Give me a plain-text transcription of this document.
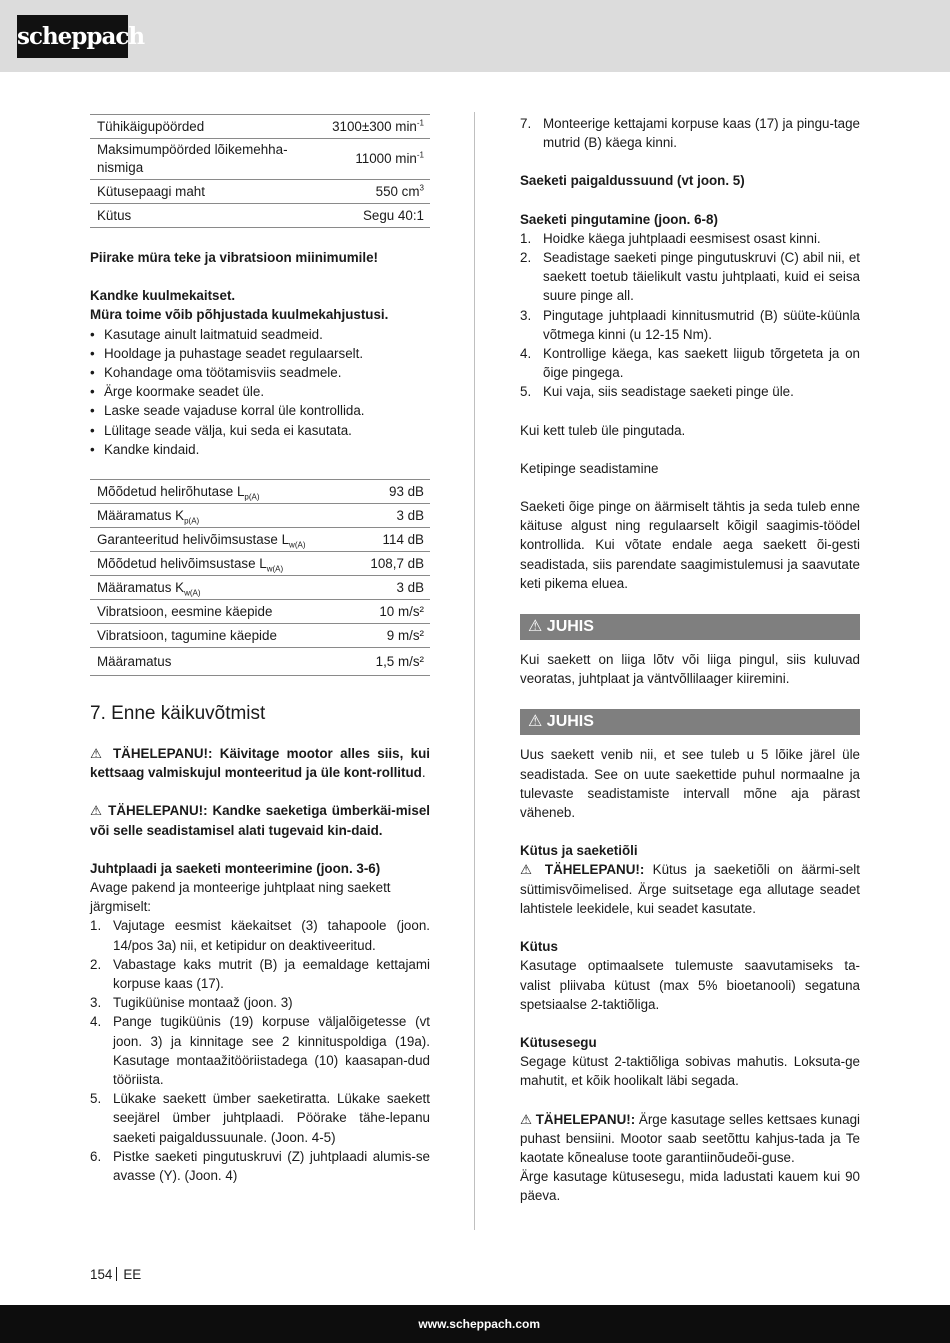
scheppach
Tühikäigupöörded	3100±300 $\min^{-1}$
Maksimumpöörded lõikemehha-nismiga	11000 $\min^{-1}$
Kütusepaagi maht	550 $cm^3$
Kütus	Segu 40:1

Piirake müra teke ja vibratsioon miinimumile!

Kandke kuulmekaitset.

Müra toime võib põhjustada kuulmekahjustusi.

• Kasutage ainult laitmatuid seadmeid.
• Hooldage ja puhastage seadet regulaarselt.
• Kohandage oma töötamisviis seadmele.
• Ärge koormake seadet üle.
• Laske seade vajaduse korral üle kontrollida.
• Lülitage seade välja, kui seda ei kasutata.
• Kandke kindaid.
Mõõdetud helirõhutase $L_{p(A)}$	93 dB
Määramatus $K_{p(A)}$	3 dB
Garanteeritud helivõimsustase $L_{w(A)}$	114 dB
Mõõdetud helivõimsustase $L_{w(A)}$	108,7 dB
Määramatus $K_{w(A)}$	3 dB
Vibratsioon, eesmine käepide	10 m/s²
Vibratsioon, tagumine käepide	9 m/s²
Määramatus	1,5 m/s²
7. Enne käikuvõtmist

⚠ TÄHELEPANU!: Käivitage mootor alles siis, kui kettsaag valmiskujul monteeritud ja üle kont-rollitud.

⚠ TÄHELEPANU!: Kandke saeketiga ümberkäi-misel või selle seadistamisel alati tugevaid kin-daid.

Juhtplaadi ja saeketi monteerimine (joon. 3-6)

Avage pakend ja monteerige juhtplaat ning saekett järgmiselt:

1. Vajutage eesmist käekaitset (3) tahapoole (joon. 14/pos 3a) nii, et ketipidur on deaktiveeritud.
2. Vabastage kaks mutrit (B) ja eemaldage kettajami korpuse kaas (17).
3. Tugiküünise montaaž (joon. 3)
4. Pange tugiküünis (19) korpuse väljalõigetesse (vt joon. 3) ja kinnitage see 2 kinnituspoldiga (19a). Kasutage montaažitööriistadega (10) kaasapan-dud tööriista.
5. Lükake saekett ümber saeketiratta. Lükake saekett seejärel ümber juhtplaadi. Pöörake tähe-lepanu saeketi paigaldussuunale. (Joon. 4-5)
6. Pistke saeketi pingutuskruvi (Z) juhtplaadi alumis-se avasse (Y). (Joon. 4)
7. Monteerige kettajami korpuse kaas (17) ja pingu-tage mutrid (B) käega kinni.

Saeketi paigaldussuund (vt joon. 5)

Saeketi pingutamine (joon. 6-8)

1. Hoidke käega juhtplaadi eesmisest osast kinni.
2. Seadistage saeketi pinge pingutuskruvi (C) abil nii, et saekett toetub täielikult vastu juhtplaati, kuid ei seisa suure pinge all.
3. Pingutage juhtplaadi kinnitusmutrid (B) süüte-küünla võtmega kinni (u 12-15 Nm).
4. Kontrollige käega, kas saekett liigub tõrgeteta ja on õige pingega.
5. Kui vaja, siis seadistage saeketi pinge üle.

Kui kett tuleb üle pingutada.

Ketipinge seadistamine

Saeketi õige pinge on äärmiselt tähtis ja seda tuleb enne käituse algust ning regulaarselt kõigil saagimis-töödel kontrollida. Kui võtate endale aega saekett õi-gesti seadistada, siis parendate saagimistulemusi ja saavutate keti pikema eluea.

⚠ JUHIS

Kui saekett on liiga lõtv või liiga pingul, siis kuluvad veoratas, juhtplaat ja väntvõllilaager kiiremini.

⚠ JUHIS

Uus saekett venib nii, et see tuleb u 5 lõike järel üle seadistada. See on uute saekettide puhul normaalne ja tulevaste seadistamiste intervall mõne aja pärast väheneb.

Kütus ja saeketiõli

⚠ TÄHELEPANU!: Kütus ja saeketiõli on äärmi-selt süttimisvõimelised. Ärge suitsetage ega allutage seadet lahtistele leekidele, kui seadet kasutate.

Kütus

Kasutage optimaalsete tulemuste saavutamiseks ta-valist pliivaba kütust (max 5% bioetanooli) segatuna spetsiaalse 2-taktiõliga.

Kütusesegu

Segage kütust 2-taktiõliga sobivas mahutis. Loksuta-ge mahutit, et kõik hoolikalt läbi segada.

⚠ TÄHELEPANU!: Ärge kasutage selles kettsaes kunagi puhast bensiini. Mootor saab seetõttu kahjus-tada ja Te kaotate kõnealuse toote garantiinõudeõi-guse.

Ärge kasutage kütusesegu, mida ladustati kauem kui 90 päeva.

154 EE
www.scheppach.com
